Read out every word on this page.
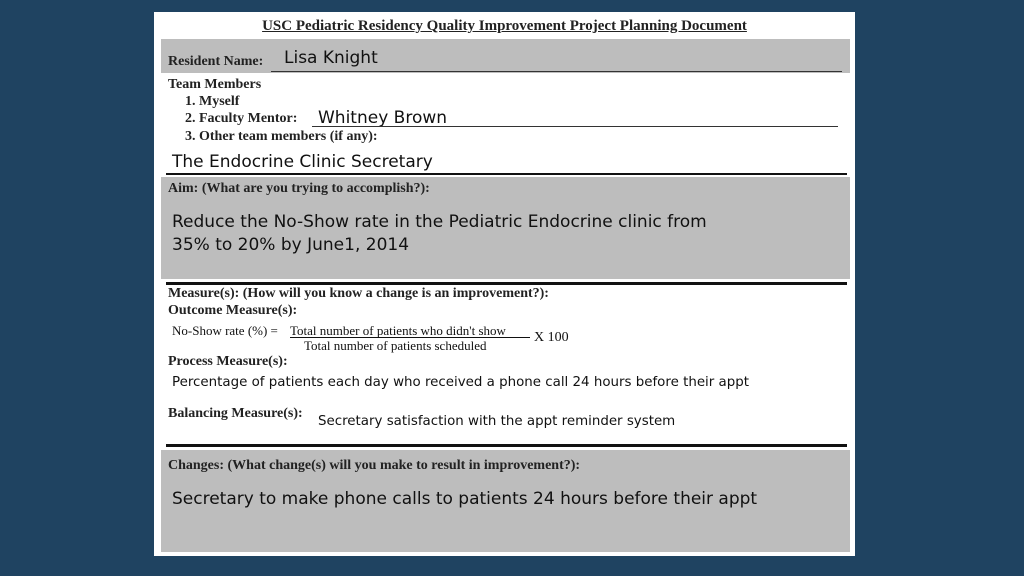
USC Pediatric Residency Quality Improvement Project Planning Document
Resident Name: Lisa Knight
Team Members
1. Myself
2. Faculty Mentor: Whitney Brown
3. Other team members (if any):
The Endocrine Clinic Secretary
Aim: (What are you trying to accomplish?):
Reduce the No-Show rate in the Pediatric Endocrine clinic from
35% to 20% by June1, 2014
Measure(s): (How will you know a change is an improvement?):
Outcome Measure(s):
No-Show rate (%) = Total number of patients who didn't show
Total number of patients scheduled
X 100
Process Measure(s):
Percentage of patients each day who received a phone call 24 hours before their appt
Balancing Measure(s):
Secretary satisfaction with the appt reminder system
Changes: (What change(s) will you make to result in improvement?):
Secretary to make phone calls to patients 24 hours before their appt
